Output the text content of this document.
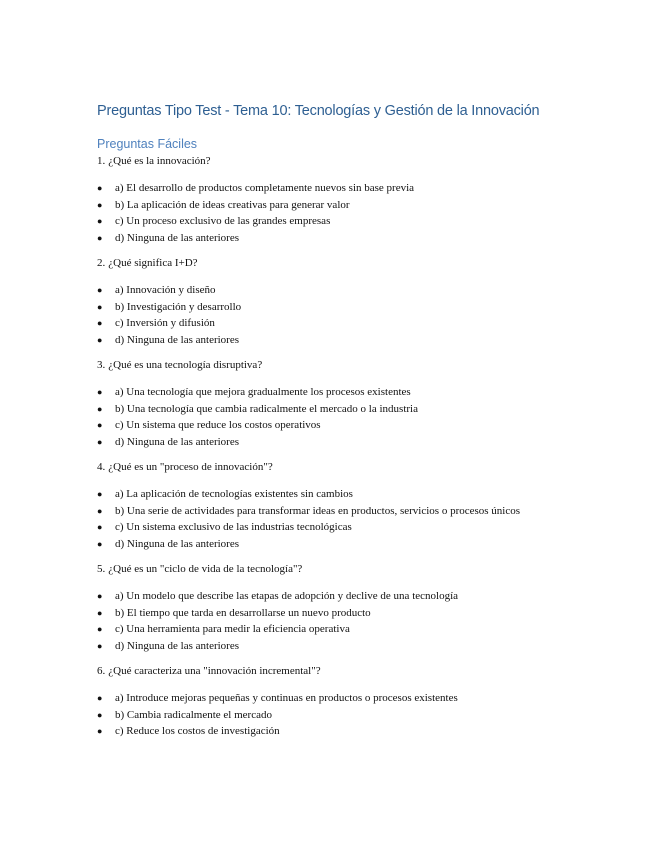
Preguntas Tipo Test - Tema 10: Tecnologías y Gestión de la Innovación
Preguntas Fáciles

1. ¿Qué es la innovación?

● a) El desarrollo de productos completamente nuevos sin base previa
● b) La aplicación de ideas creativas para generar valor
● c) Un proceso exclusivo de las grandes empresas
● d) Ninguna de las anteriores

2. ¿Qué significa I+D?

● a) Innovación y diseño
● b) Investigación y desarrollo
● c) Inversión y difusión
● d) Ninguna de las anteriores

3. ¿Qué es una tecnología disruptiva?

● a) Una tecnología que mejora gradualmente los procesos existentes
● b) Una tecnología que cambia radicalmente el mercado o la industria
● c) Un sistema que reduce los costos operativos
● d) Ninguna de las anteriores

4. ¿Qué es un "proceso de innovación"?

● a) La aplicación de tecnologías existentes sin cambios
● b) Una serie de actividades para transformar ideas en productos, servicios o procesos únicos
● c) Un sistema exclusivo de las industrias tecnológicas
● d) Ninguna de las anteriores

5. ¿Qué es un "ciclo de vida de la tecnología"?

● a) Un modelo que describe las etapas de adopción y declive de una tecnología
● b) El tiempo que tarda en desarrollarse un nuevo producto
● c) Una herramienta para medir la eficiencia operativa
● d) Ninguna de las anteriores

6. ¿Qué caracteriza una "innovación incremental"?

● a) Introduce mejoras pequeñas y continuas en productos o procesos existentes
● b) Cambia radicalmente el mercado
● c) Reduce los costos de investigación
